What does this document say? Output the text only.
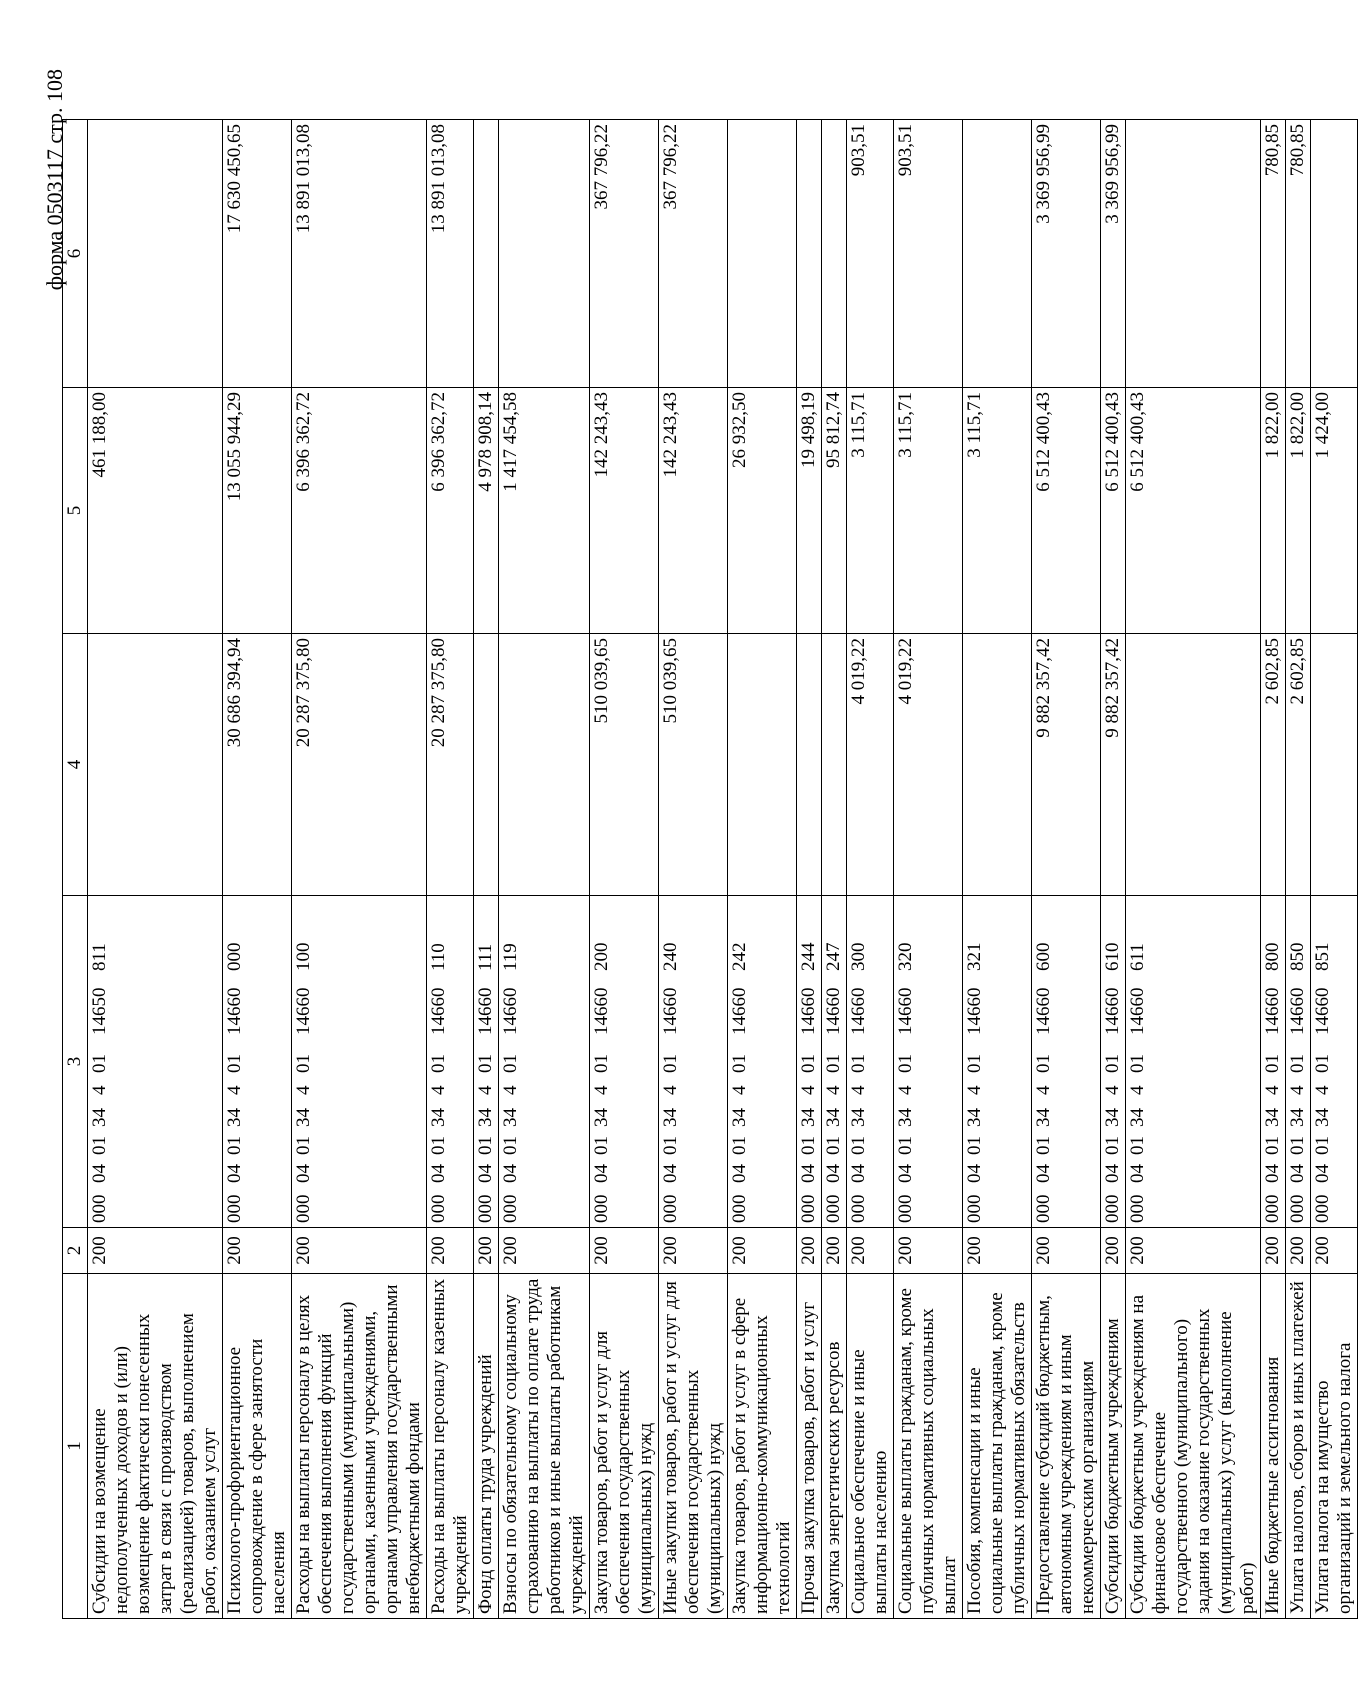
форма 0503117 стр. 108
1	2	3	4	5	6
Субсидии на возмещение недополученных доходов и (или) возмещение фактически понесенных затрат в связи с производством (реализацией) товаров, выполнением работ, оказанием услуг	200	00004013440114650811		461 188,00	
Психолого-профориентационное сопровождение в сфере занятости населения	200	00004013440114660000	30 686 394,94	13 055 944,29	17 630 450,65
Расходы на выплаты персоналу в целях обеспечения выполнения функций государственными (муниципальными) органами, казенными учреждениями, органами управления государственными внебюджетными фондами	200	00004013440114660100	20 287 375,80	6 396 362,72	13 891 013,08
Расходы на выплаты персоналу казенных учреждений	200	00004013440114660110	20 287 375,80	6 396 362,72	13 891 013,08
Фонд оплаты труда учреждений	200	00004013440114660111		4 978 908,14	
Взносы по обязательному социальному страхованию на выплаты по оплате труда работников и иные выплаты работникам учреждений	200	00004013440114660119		1 417 454,58	
Закупка товаров, работ и услуг для обеспечения государственных (муниципальных) нужд	200	00004013440114660200	510 039,65	142 243,43	367 796,22
Иные закупки товаров, работ и услуг для обеспечения государственных (муниципальных) нужд	200	00004013440114660240	510 039,65	142 243,43	367 796,22
Закупка товаров, работ и услуг в сфере информационно-коммуникационных технологий	200	00004013440114660242		26 932,50	
Прочая закупка товаров, работ и услуг	200	00004013440114660244		19 498,19	
Закупка энергетических ресурсов	200	00004013440114660247		95 812,74	
Социальное обеспечение и иные выплаты населению	200	00004013440114660300	4 019,22	3 115,71	903,51
Социальные выплаты гражданам, кроме публичных нормативных социальных выплат	200	00004013440114660320	4 019,22	3 115,71	903,51
Пособия, компенсации и иные социальные выплаты гражданам, кроме публичных нормативных обязательств	200	00004013440114660321		3 115,71	
Предоставление субсидий бюджетным, автономным учреждениям и иным некоммерческим организациям	200	00004013440114660600	9 882 357,42	6 512 400,43	3 369 956,99
Субсидии бюджетным учреждениям	200	00004013440114660610	9 882 357,42	6 512 400,43	3 369 956,99
Субсидии бюджетным учреждениям на финансовое обеспечение государственного (муниципального) задания на оказание государственных (муниципальных) услуг (выполнение работ)	200	00004013440114660611		6 512 400,43	
Иные бюджетные ассигнования	200	00004013440114660800	2 602,85	1 822,00	780,85
Уплата налогов, сборов и иных платежей	200	00004013440114660850	2 602,85	1 822,00	780,85
Уплата налога на имущество организаций и земельного налога	200	00004013440114660851		1 424,00	
